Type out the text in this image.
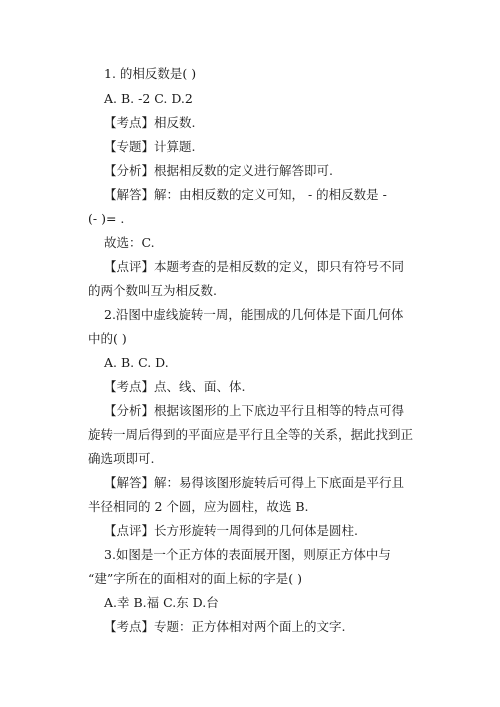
1. 的相反数是( )
A. B. -2 C. D.2
【考点】相反数.
【专题】计算题.
【分析】根据相反数的定义进行解答即可.
【解答】解：由相反数的定义可知， - 的相反数是 -
(- )= .
故选：C.
【点评】本题考查的是相反数的定义，即只有符号不同
的两个数叫互为相反数.
2.沿图中虚线旋转一周，能围成的几何体是下面几何体
中的( )
A. B. C. D.
【考点】点、线、面、体.
【分析】根据该图形的上下底边平行且相等的特点可得
旋转一周后得到的平面应是平行且全等的关系，据此找到正
确选项即可.
【解答】解：易得该图形旋转后可得上下底面是平行且
半径相同的 2 个圆，应为圆柱，故选 B.
【点评】长方形旋转一周得到的几何体是圆柱.
3.如图是一个正方体的表面展开图，则原正方体中与
“建”字所在的面相对的面上标的字是( )
A.幸 B.福 C.东 D.台
【考点】专题：正方体相对两个面上的文字.
